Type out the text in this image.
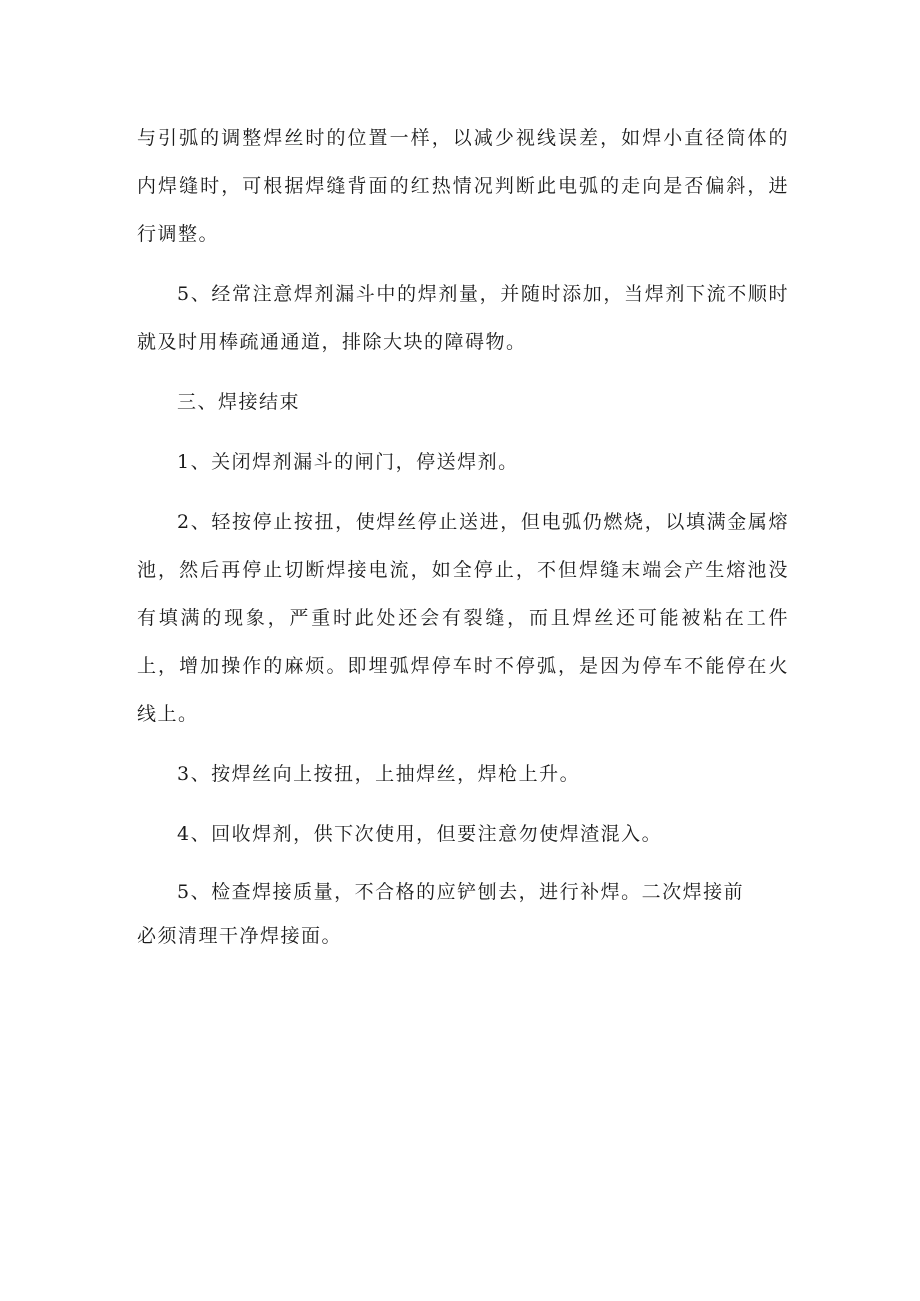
与引弧的调整焊丝时的位置一样，以减少视线误差，如焊小直径筒体的内焊缝时，可根据焊缝背面的红热情况判断此电弧的走向是否偏斜，进行调整。

5、经常注意焊剂漏斗中的焊剂量，并随时添加，当焊剂下流不顺时就及时用棒疏通通道，排除大块的障碍物。

三、焊接结束

1、关闭焊剂漏斗的闸门，停送焊剂。

2、轻按停止按扭，使焊丝停止送进，但电弧仍燃烧，以填满金属熔池，然后再停止切断焊接电流，如全停止，不但焊缝末端会产生熔池没有填满的现象，严重时此处还会有裂缝，而且焊丝还可能被粘在工件上，增加操作的麻烦。即埋弧焊停车时不停弧，是因为停车不能停在火线上。

3、按焊丝向上按扭，上抽焊丝，焊枪上升。

4、回收焊剂，供下次使用，但要注意勿使焊渣混入。

5、检查焊接质量，不合格的应铲刨去，进行补焊。二次焊接前

必须清理干净焊接面。
